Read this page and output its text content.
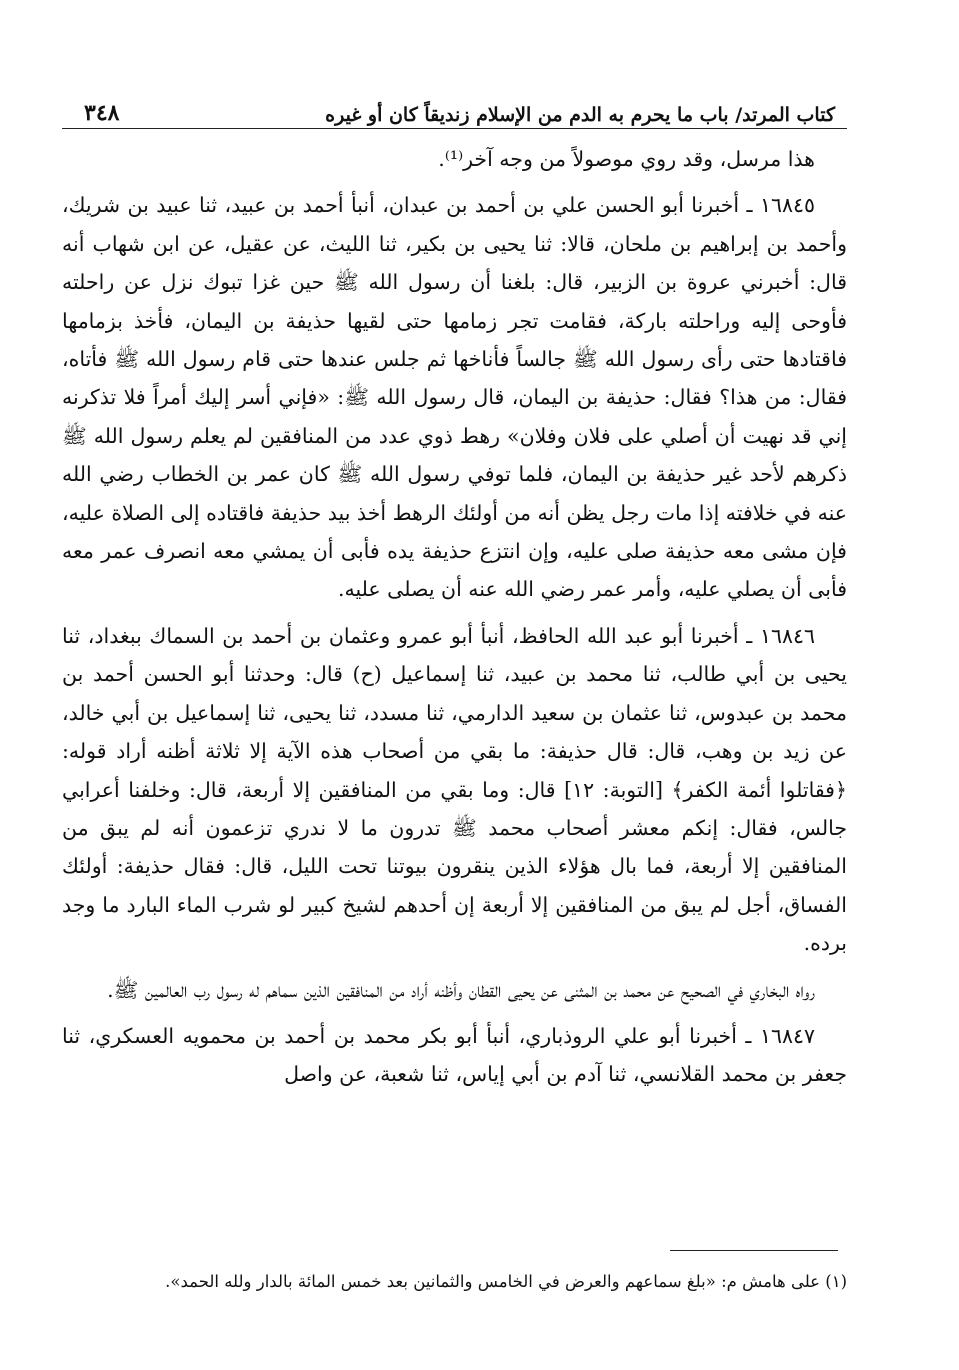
كتاب المرتد/ باب ما يحرم به الدم من الإسلام زنديقاً كان أو غيره
٣٤٨

هذا مرسل، وقد روي موصولاً من وجه آخر⁽¹⁾.

١٦٨٤٥ ـ أخبرنا أبو الحسن علي بن أحمد بن عبدان، أنبأ أحمد بن عبيد، ثنا عبيد بن شريك، وأحمد بن إبراهيم بن ملحان، قالا: ثنا يحيى بن بكير، ثنا الليث، عن عقيل، عن ابن شهاب أنه قال: أخبرني عروة بن الزبير، قال: بلغنا أن رسول الله ﷺ حين غزا تبوك نزل عن راحلته فأوحى إليه وراحلته باركة، فقامت تجر زمامها حتى لقيها حذيفة بن اليمان، فأخذ بزمامها فاقتادها حتى رأى رسول الله ﷺ جالساً فأناخها ثم جلس عندها حتى قام رسول الله ﷺ فأتاه، فقال: من هذا؟ فقال: حذيفة بن اليمان، قال رسول الله ﷺ: «فإني أسر إليك أمراً فلا تذكرنه إني قد نهيت أن أصلي على فلان وفلان» رهط ذوي عدد من المنافقين لم يعلم رسول الله ﷺ ذكرهم لأحد غير حذيفة بن اليمان، فلما توفي رسول الله ﷺ كان عمر بن الخطاب رضي الله عنه في خلافته إذا مات رجل يظن أنه من أولئك الرهط أخذ بيد حذيفة فاقتاده إلى الصلاة عليه، فإن مشى معه حذيفة صلى عليه، وإن انتزع حذيفة يده فأبى أن يمشي معه انصرف عمر معه فأبى أن يصلي عليه، وأمر عمر رضي الله عنه أن يصلى عليه.

١٦٨٤٦ ـ أخبرنا أبو عبد الله الحافظ، أنبأ أبو عمرو وعثمان بن أحمد بن السماك ببغداد، ثنا يحيى بن أبي طالب، ثنا محمد بن عبيد، ثنا إسماعيل (ح) قال: وحدثنا أبو الحسن أحمد بن محمد بن عبدوس، ثنا عثمان بن سعيد الدارمي، ثنا مسدد، ثنا يحيى، ثنا إسماعيل بن أبي خالد، عن زيد بن وهب، قال: قال حذيفة: ما بقي من أصحاب هذه الآية إلا ثلاثة أظنه أراد قوله: ﴿فقاتلوا أئمة الكفر﴾ [التوبة: ١٢] قال: وما بقي من المنافقين إلا أربعة، قال: وخلفنا أعرابي جالس، فقال: إنكم معشر أصحاب محمد ﷺ تدرون ما لا ندري تزعمون أنه لم يبق من المنافقين إلا أربعة، فما بال هؤلاء الذين ينقرون بيوتنا تحت الليل، قال: فقال حذيفة: أولئك الفساق، أجل لم يبق من المنافقين إلا أربعة إن أحدهم لشيخ كبير لو شرب الماء البارد ما وجد برده.

رواه البخاري في الصحيح عن محمد بن المثنى عن يحيى القطان وأظنه أراد من المنافقين الذين سماهم له رسول رب العالمين ﷺ.

١٦٨٤٧ ـ أخبرنا أبو علي الروذباري، أنبأ أبو بكر محمد بن أحمد بن محمويه العسكري، ثنا جعفر بن محمد القلانسي، ثنا آدم بن أبي إياس، ثنا شعبة، عن واصل

(١) على هامش م: «بلغ سماعهم والعرض في الخامس والثمانين بعد خمس المائة بالدار ولله الحمد».
